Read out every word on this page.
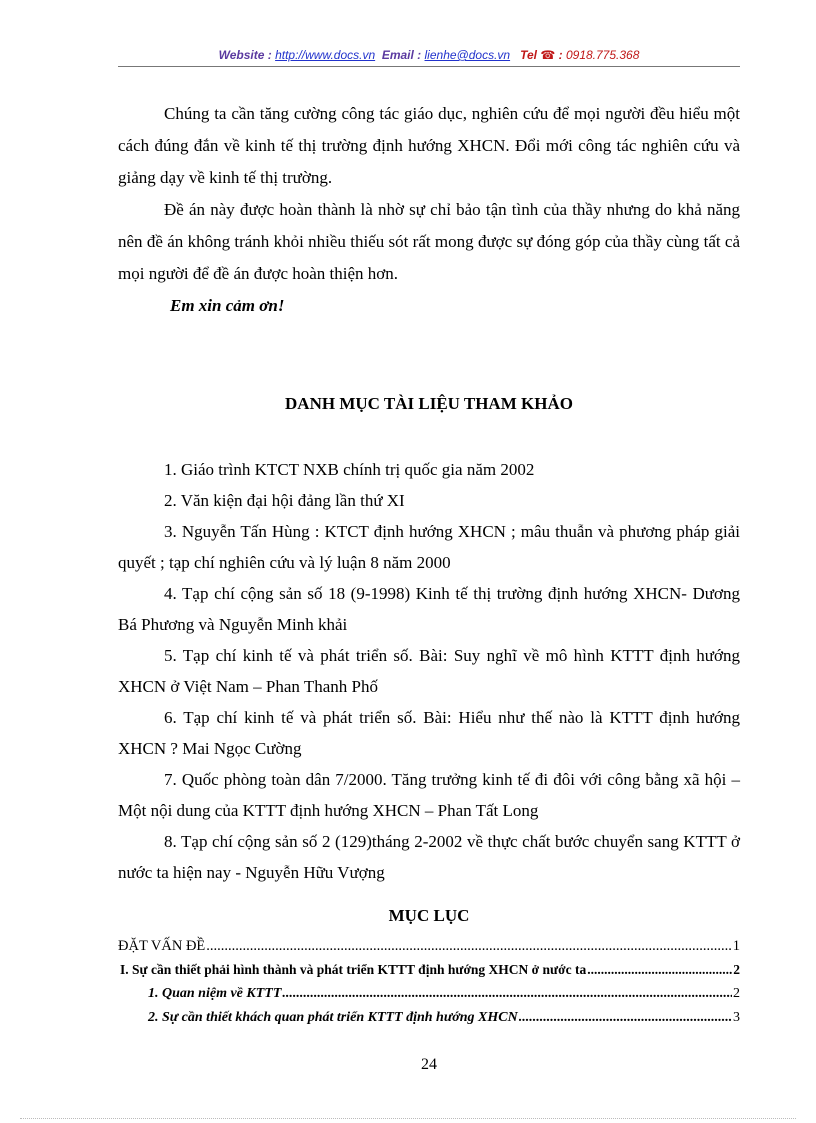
Website : http://www.docs.vn Email : lienhe@docs.vn Tel ☎ : 0918.775.368

Chúng ta cần tăng cường công tác giáo dục, nghiên cứu để mọi người đều hiểu một cách đúng đắn về kinh tế thị trường định hướng XHCN. Đổi mới công tác nghiên cứu và giảng dạy về kinh tế thị trường.

Đề án này được hoàn thành là nhờ sự chỉ bảo tận tình của thầy nhưng do khả năng nên đề án không tránh khỏi nhiều thiếu sót rất mong được sự đóng góp của thầy cùng tất cả mọi người để đề án được hoàn thiện hơn.

Em xin cảm ơn!

DANH MỤC TÀI LIỆU THAM KHẢO

1. Giáo trình KTCT NXB chính trị quốc gia năm 2002

2. Văn kiện đại hội đảng lần thứ XI

3. Nguyễn Tấn Hùng : KTCT định hướng XHCN ; mâu thuẫn và phương pháp giải quyết ; tạp chí nghiên cứu và lý luận 8 năm 2000

4. Tạp chí cộng sản số 18 (9-1998) Kinh tế thị trường định hướng XHCN- Dương Bá Phương và Nguyễn Minh khải

5. Tạp chí kinh tế và phát triển số. Bài: Suy nghĩ về mô hình KTTT định hướng XHCN ở Việt Nam – Phan Thanh Phố

6. Tạp chí kinh tế và phát triển số. Bài: Hiểu như thế nào là KTTT định hướng XHCN ? Mai Ngọc Cường

7. Quốc phòng toàn dân 7/2000. Tăng trưởng kinh tế đi đôi với công bằng xã hội – Một nội dung của KTTT định hướng XHCN – Phan Tất Long

8. Tạp chí cộng sản số 2 (129)tháng 2-2002 về thực chất bước chuyển sang KTTT ở nước ta hiện nay - Nguyễn Hữu Vượng

MỤC LỤC
ĐẶT VẤN ĐỀ .....	1
I. Sự cần thiết phải hình thành và phát triển KTTT định hướng XHCN ở nước ta .....	2
1. Quan niệm về KTTT .....	2
2. Sự cần thiết khách quan phát triển KTTT định hướng XHCN .....	3
24
